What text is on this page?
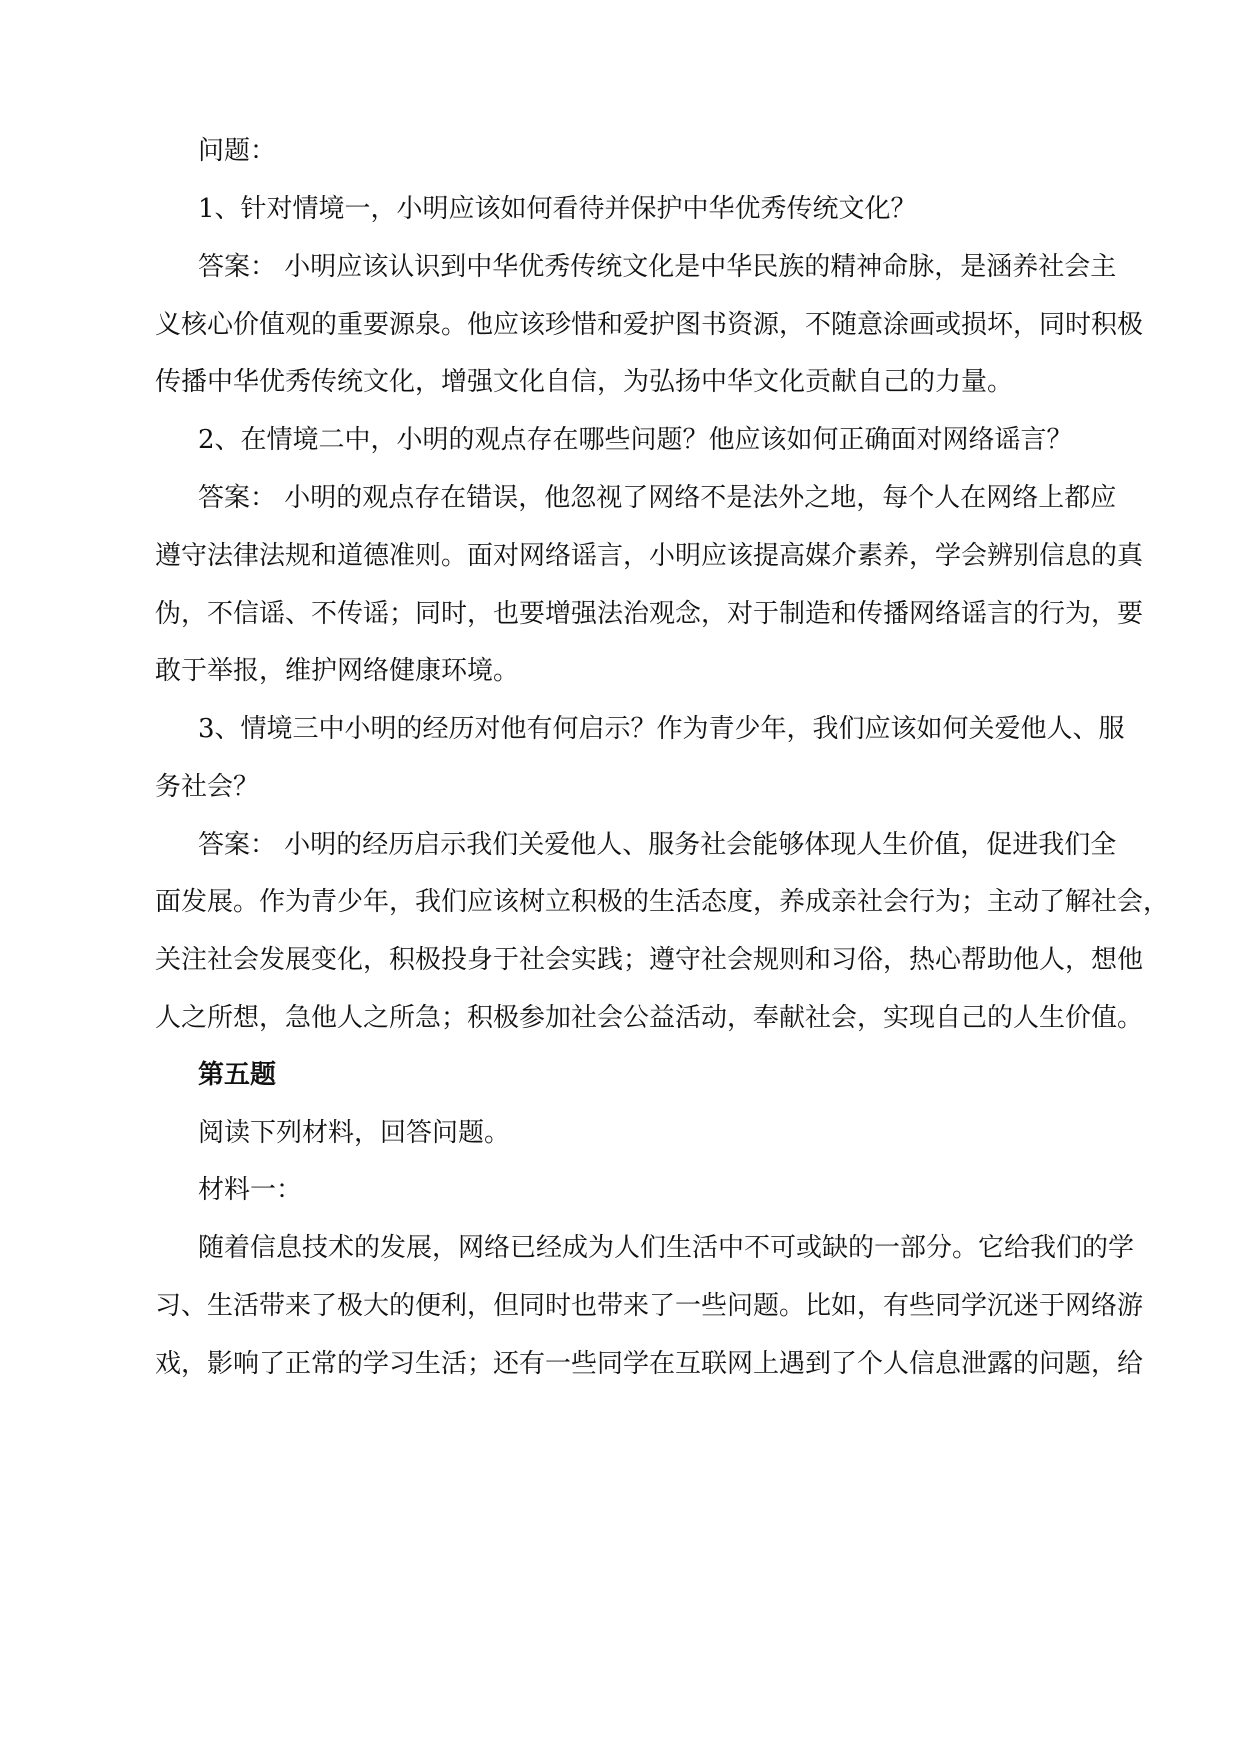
问题：

1、针对情境一，小明应该如何看待并保护中华优秀传统文化？

答案： 小明应该认识到中华优秀传统文化是中华民族的精神命脉，是涵养社会主

义核心价值观的重要源泉。他应该珍惜和爱护图书资源，不随意涂画或损坏，同时积极

传播中华优秀传统文化，增强文化自信，为弘扬中华文化贡献自己的力量。

2、在情境二中，小明的观点存在哪些问题？他应该如何正确面对网络谣言？

答案： 小明的观点存在错误，他忽视了网络不是法外之地，每个人在网络上都应

遵守法律法规和道德准则。面对网络谣言，小明应该提高媒介素养，学会辨别信息的真

伪，不信谣、不传谣；同时，也要增强法治观念，对于制造和传播网络谣言的行为，要

敢于举报，维护网络健康环境。

3、情境三中小明的经历对他有何启示？作为青少年，我们应该如何关爱他人、服

务社会？

答案： 小明的经历启示我们关爱他人、服务社会能够体现人生价值，促进我们全

面发展。作为青少年，我们应该树立积极的生活态度，养成亲社会行为；主动了解社会，

关注社会发展变化，积极投身于社会实践；遵守社会规则和习俗，热心帮助他人，想他

人之所想，急他人之所急；积极参加社会公益活动，奉献社会，实现自己的人生价值。

第五题

阅读下列材料，回答问题。

材料一：

随着信息技术的发展，网络已经成为人们生活中不可或缺的一部分。它给我们的学

习、生活带来了极大的便利，但同时也带来了一些问题。比如，有些同学沉迷于网络游

戏，影响了正常的学习生活；还有一些同学在互联网上遇到了个人信息泄露的问题，给
